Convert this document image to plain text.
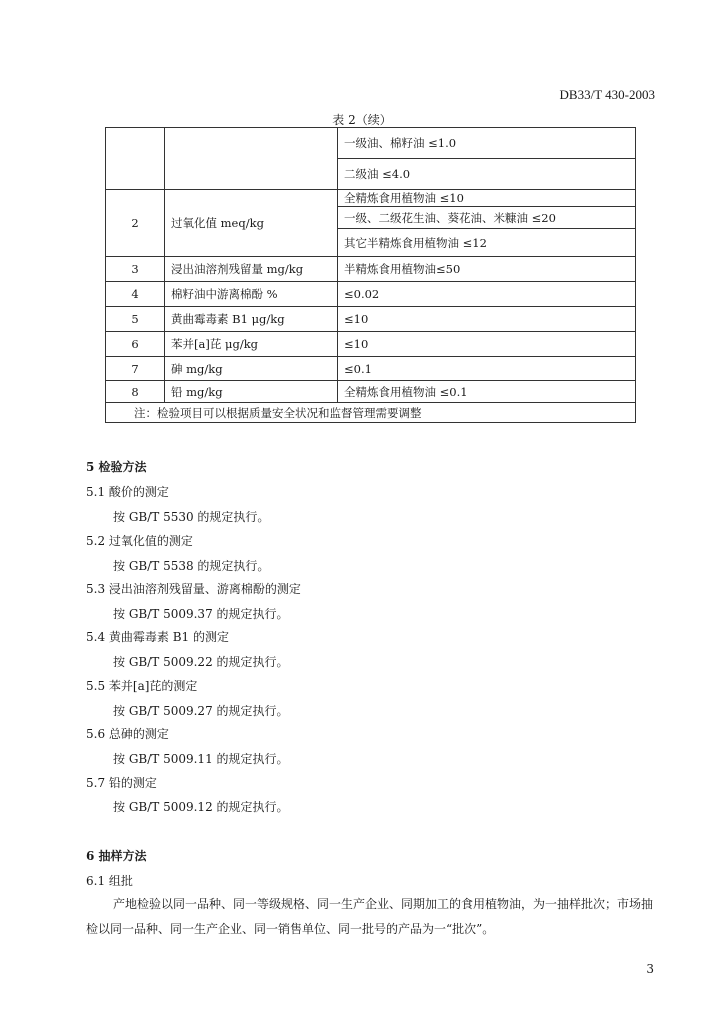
DB33/T 430-2003
表 2（续）
		一级油、棉籽油 ≤1.0
		二级油 ≤4.0
2	过氧化值 meq/kg	全精炼食用植物油 ≤10
		一级、二级花生油、葵花油、米糠油 ≤20
		其它半精炼食用植物油 ≤12
3	浸出油溶剂残留量 mg/kg	半精炼食用植物油≤50
4	棉籽油中游离棉酚 %	≤0.02
5	黄曲霉毒素 B1 μg/kg	≤10
6	苯并[a]芘 μg/kg	≤10
7	砷 mg/kg	≤0.1
8	铅 mg/kg	全精炼食用植物油 ≤0.1
注：检验项目可以根据质量安全状况和监督管理需要调整		
5 检验方法
5.1 酸价的测定
按 GB/T 5530 的规定执行。
5.2 过氧化值的测定
按 GB/T 5538 的规定执行。
5.3 浸出油溶剂残留量、游离棉酚的测定
按 GB/T 5009.37 的规定执行。
5.4 黄曲霉毒素 B1 的测定
按 GB/T 5009.22 的规定执行。
5.5 苯并[a]芘的测定
按 GB/T 5009.27 的规定执行。
5.6 总砷的测定
按 GB/T 5009.11 的规定执行。
5.7 铅的测定
按 GB/T 5009.12 的规定执行。
6 抽样方法
6.1 组批
产地检验以同一品种、同一等级规格、同一生产企业、同期加工的食用植物油，为一抽样批次；市场抽检以同一品种、同一生产企业、同一销售单位、同一批号的产品为一“批次”。
3
